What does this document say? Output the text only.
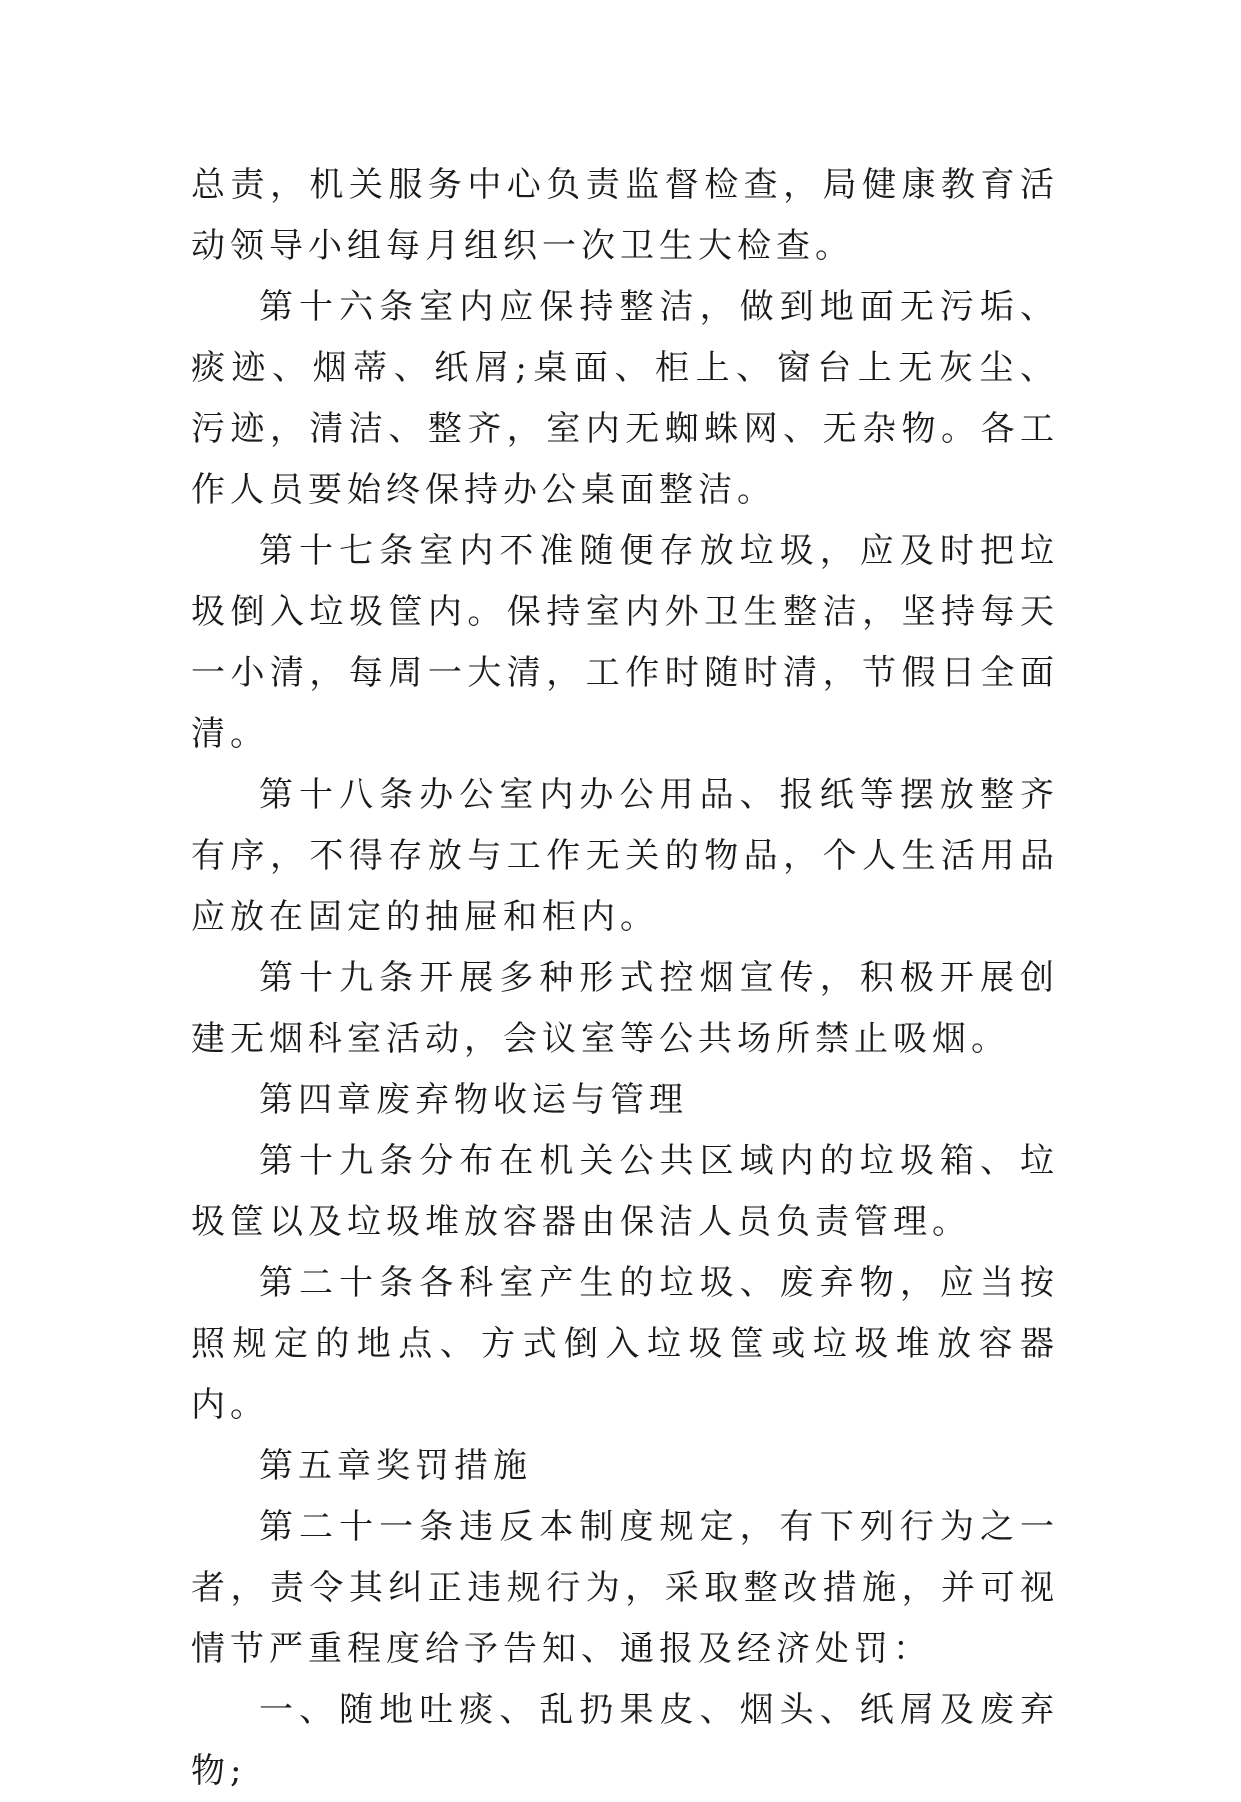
总责，机关服务中心负责监督检查，局健康教育活动领导小组每月组织一次卫生大检查。

第十六条室内应保持整洁，做到地面无污垢、痰迹、烟蒂、纸屑;桌面、柜上、窗台上无灰尘、污迹，清洁、整齐，室内无蜘蛛网、无杂物。各工作人员要始终保持办公桌面整洁。

第十七条室内不准随便存放垃圾，应及时把垃圾倒入垃圾筐内。保持室内外卫生整洁，坚持每天一小清，每周一大清，工作时随时清，节假日全面清。

第十八条办公室内办公用品、报纸等摆放整齐有序，不得存放与工作无关的物品，个人生活用品应放在固定的抽屉和柜内。

第十九条开展多种形式控烟宣传，积极开展创建无烟科室活动，会议室等公共场所禁止吸烟。

第四章废弃物收运与管理

第十九条分布在机关公共区域内的垃圾箱、垃圾筐以及垃圾堆放容器由保洁人员负责管理。

第二十条各科室产生的垃圾、废弃物，应当按照规定的地点、方式倒入垃圾筐或垃圾堆放容器内。

第五章奖罚措施

第二十一条违反本制度规定，有下列行为之一者，责令其纠正违规行为，采取整改措施，并可视情节严重程度给予告知、通报及经济处罚：

一、随地吐痰、乱扔果皮、烟头、纸屑及废弃物;
